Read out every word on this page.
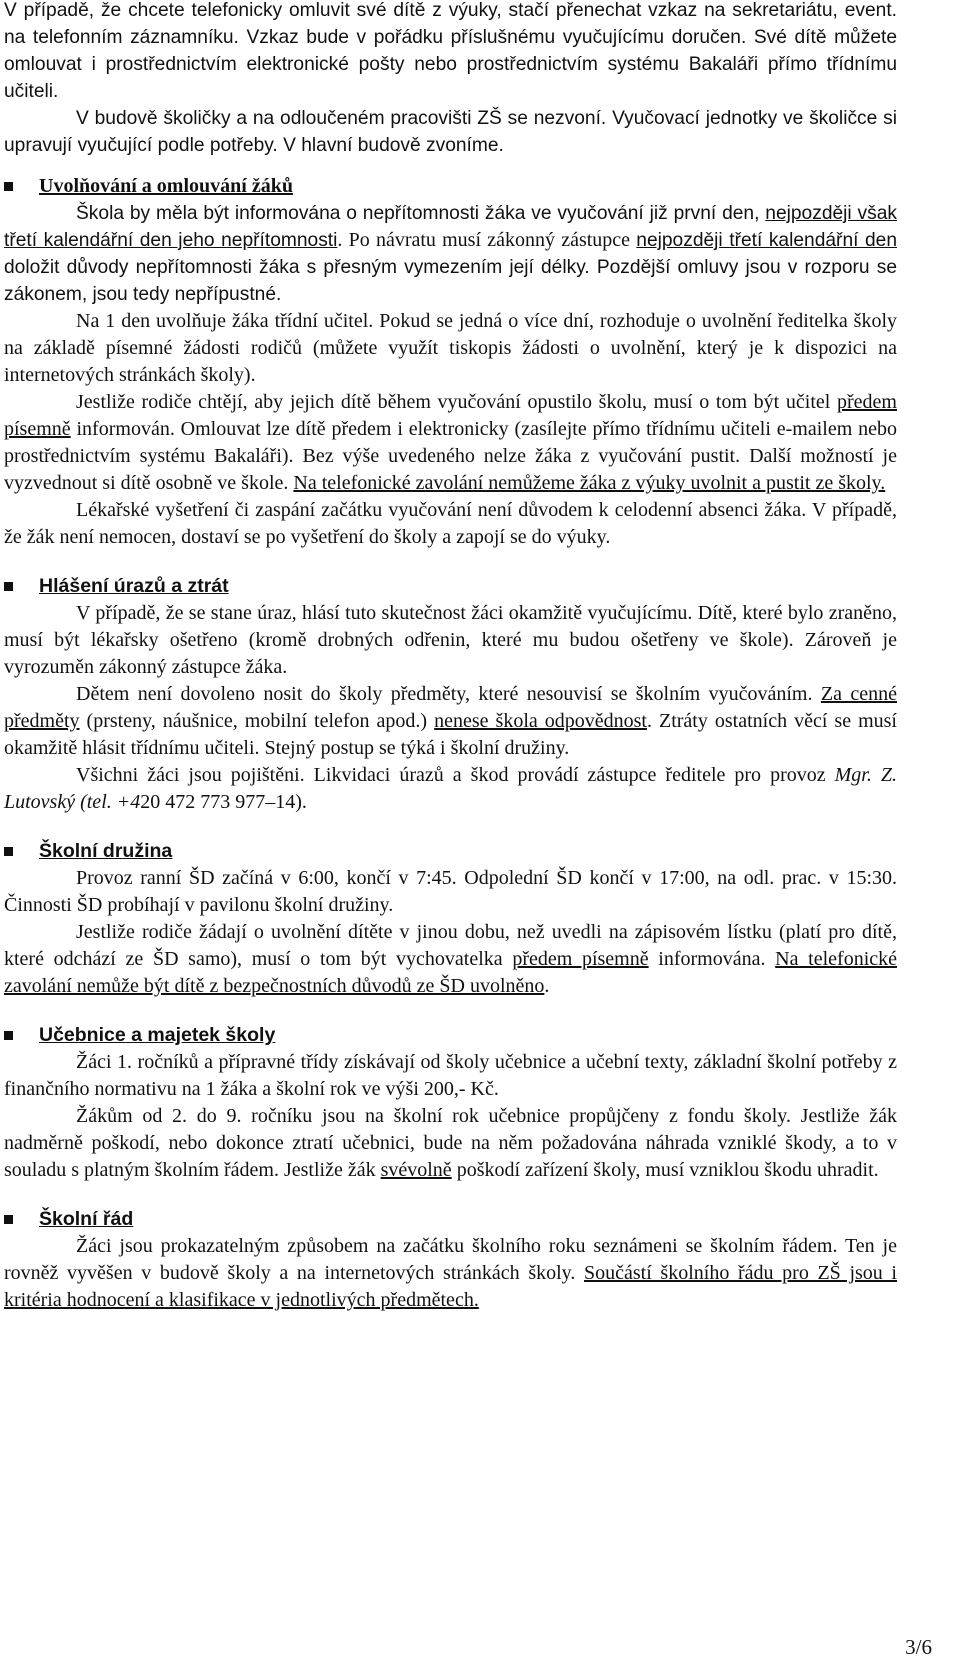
V případě, že chcete telefonicky omluvit své dítě z výuky, stačí přenechat vzkaz na sekretariátu, event. na telefonním záznamníku. Vzkaz bude v pořádku příslušnému vyučujícímu doručen. Své dítě můžete omlouvat i prostřednictvím elektronické pošty nebo prostřednictvím systému Bakaláři přímo třídnímu učiteli.

V budově školičky a na odloučeném pracovišti ZŠ se nezvoní. Vyučovací jednotky ve školičce si upravují vyučující podle potřeby. V hlavní budově zvoníme.

Uvolňování a omlouvání žáků

Škola by měla být informována o nepřítomnosti žáka ve vyučování již první den, nejpozději však třetí kalendářní den jeho nepřítomnosti. Po návratu musí zákonný zástupce nejpozději třetí kalendářní den doložit důvody nepřítomnosti žáka s přesným vymezením její délky. Pozdější omluvy jsou v rozporu se zákonem, jsou tedy nepřípustné.

Na 1 den uvolňuje žáka třídní učitel. Pokud se jedná o více dní, rozhoduje o uvolnění ředitelka školy na základě písemné žádosti rodičů (můžete využít tiskopis žádosti o uvolnění, který je k dispozici na internetových stránkách školy).

Jestliže rodiče chtějí, aby jejich dítě během vyučování opustilo školu, musí o tom být učitel předem písemně informován. Omlouvat lze dítě předem i elektronicky (zasílejte přímo třídnímu učiteli e-mailem nebo prostřednictvím systému Bakaláři). Bez výše uvedeného nelze žáka z vyučování pustit. Další možností je vyzvednout si dítě osobně ve škole. Na telefonické zavolání nemůžeme žáka z výuky uvolnit a pustit ze školy.

Lékařské vyšetření či zaspání začátku vyučování není důvodem k celodenní absenci žáka. V případě, že žák není nemocen, dostaví se po vyšetření do školy a zapojí se do výuky.

Hlášení úrazů a ztrát

V případě, že se stane úraz, hlásí tuto skutečnost žáci okamžitě vyučujícímu. Dítě, které bylo zraněno, musí být lékařsky ošetřeno (kromě drobných odřenin, které mu budou ošetřeny ve škole). Zároveň je vyrozuměn zákonný zástupce žáka.

Dětem není dovoleno nosit do školy předměty, které nesouvisí se školním vyučováním. Za cenné předměty (prsteny, náušnice, mobilní telefon apod.) nenese škola odpovědnost. Ztráty ostatních věcí se musí okamžitě hlásit třídnímu učiteli. Stejný postup se týká i školní družiny.

Všichni žáci jsou pojištěni. Likvidaci úrazů a škod provádí zástupce ředitele pro provoz Mgr. Z. Lutovský (tel. +420 472 773 977–14).

Školní družina

Provoz ranní ŠD začíná v 6:00, končí v 7:45. Odpolední ŠD končí v 17:00, na odl. prac. v 15:30. Činnosti ŠD probíhají v pavilonu školní družiny.

Jestliže rodiče žádají o uvolnění dítěte v jinou dobu, než uvedli na zápisovém lístku (platí pro dítě, které odchází ze ŠD samo), musí o tom být vychovatelka předem písemně informována. Na telefonické zavolání nemůže být dítě z bezpečnostních důvodů ze ŠD uvolněno.

Učebnice a majetek školy

Žáci 1. ročníků a přípravné třídy získávají od školy učebnice a učební texty, základní školní potřeby z finančního normativu na 1 žáka a školní rok ve výši 200,- Kč.

Žákům od 2. do 9. ročníku jsou na školní rok učebnice propůjčeny z fondu školy. Jestliže žák nadměrně poškodí, nebo dokonce ztratí učebnici, bude na něm požadována náhrada vzniklé škody, a to v souladu s platným školním řádem. Jestliže žák svévolně poškodí zařízení školy, musí vzniklou škodu uhradit.

Školní řád

Žáci jsou prokazatelným způsobem na začátku školního roku seznámeni se školním řádem. Ten je rovněž vyvěšen v budově školy a na internetových stránkách školy. Součástí školního řádu pro ZŠ jsou i kritéria hodnocení a klasifikace v jednotlivých předmětech.

3/6
